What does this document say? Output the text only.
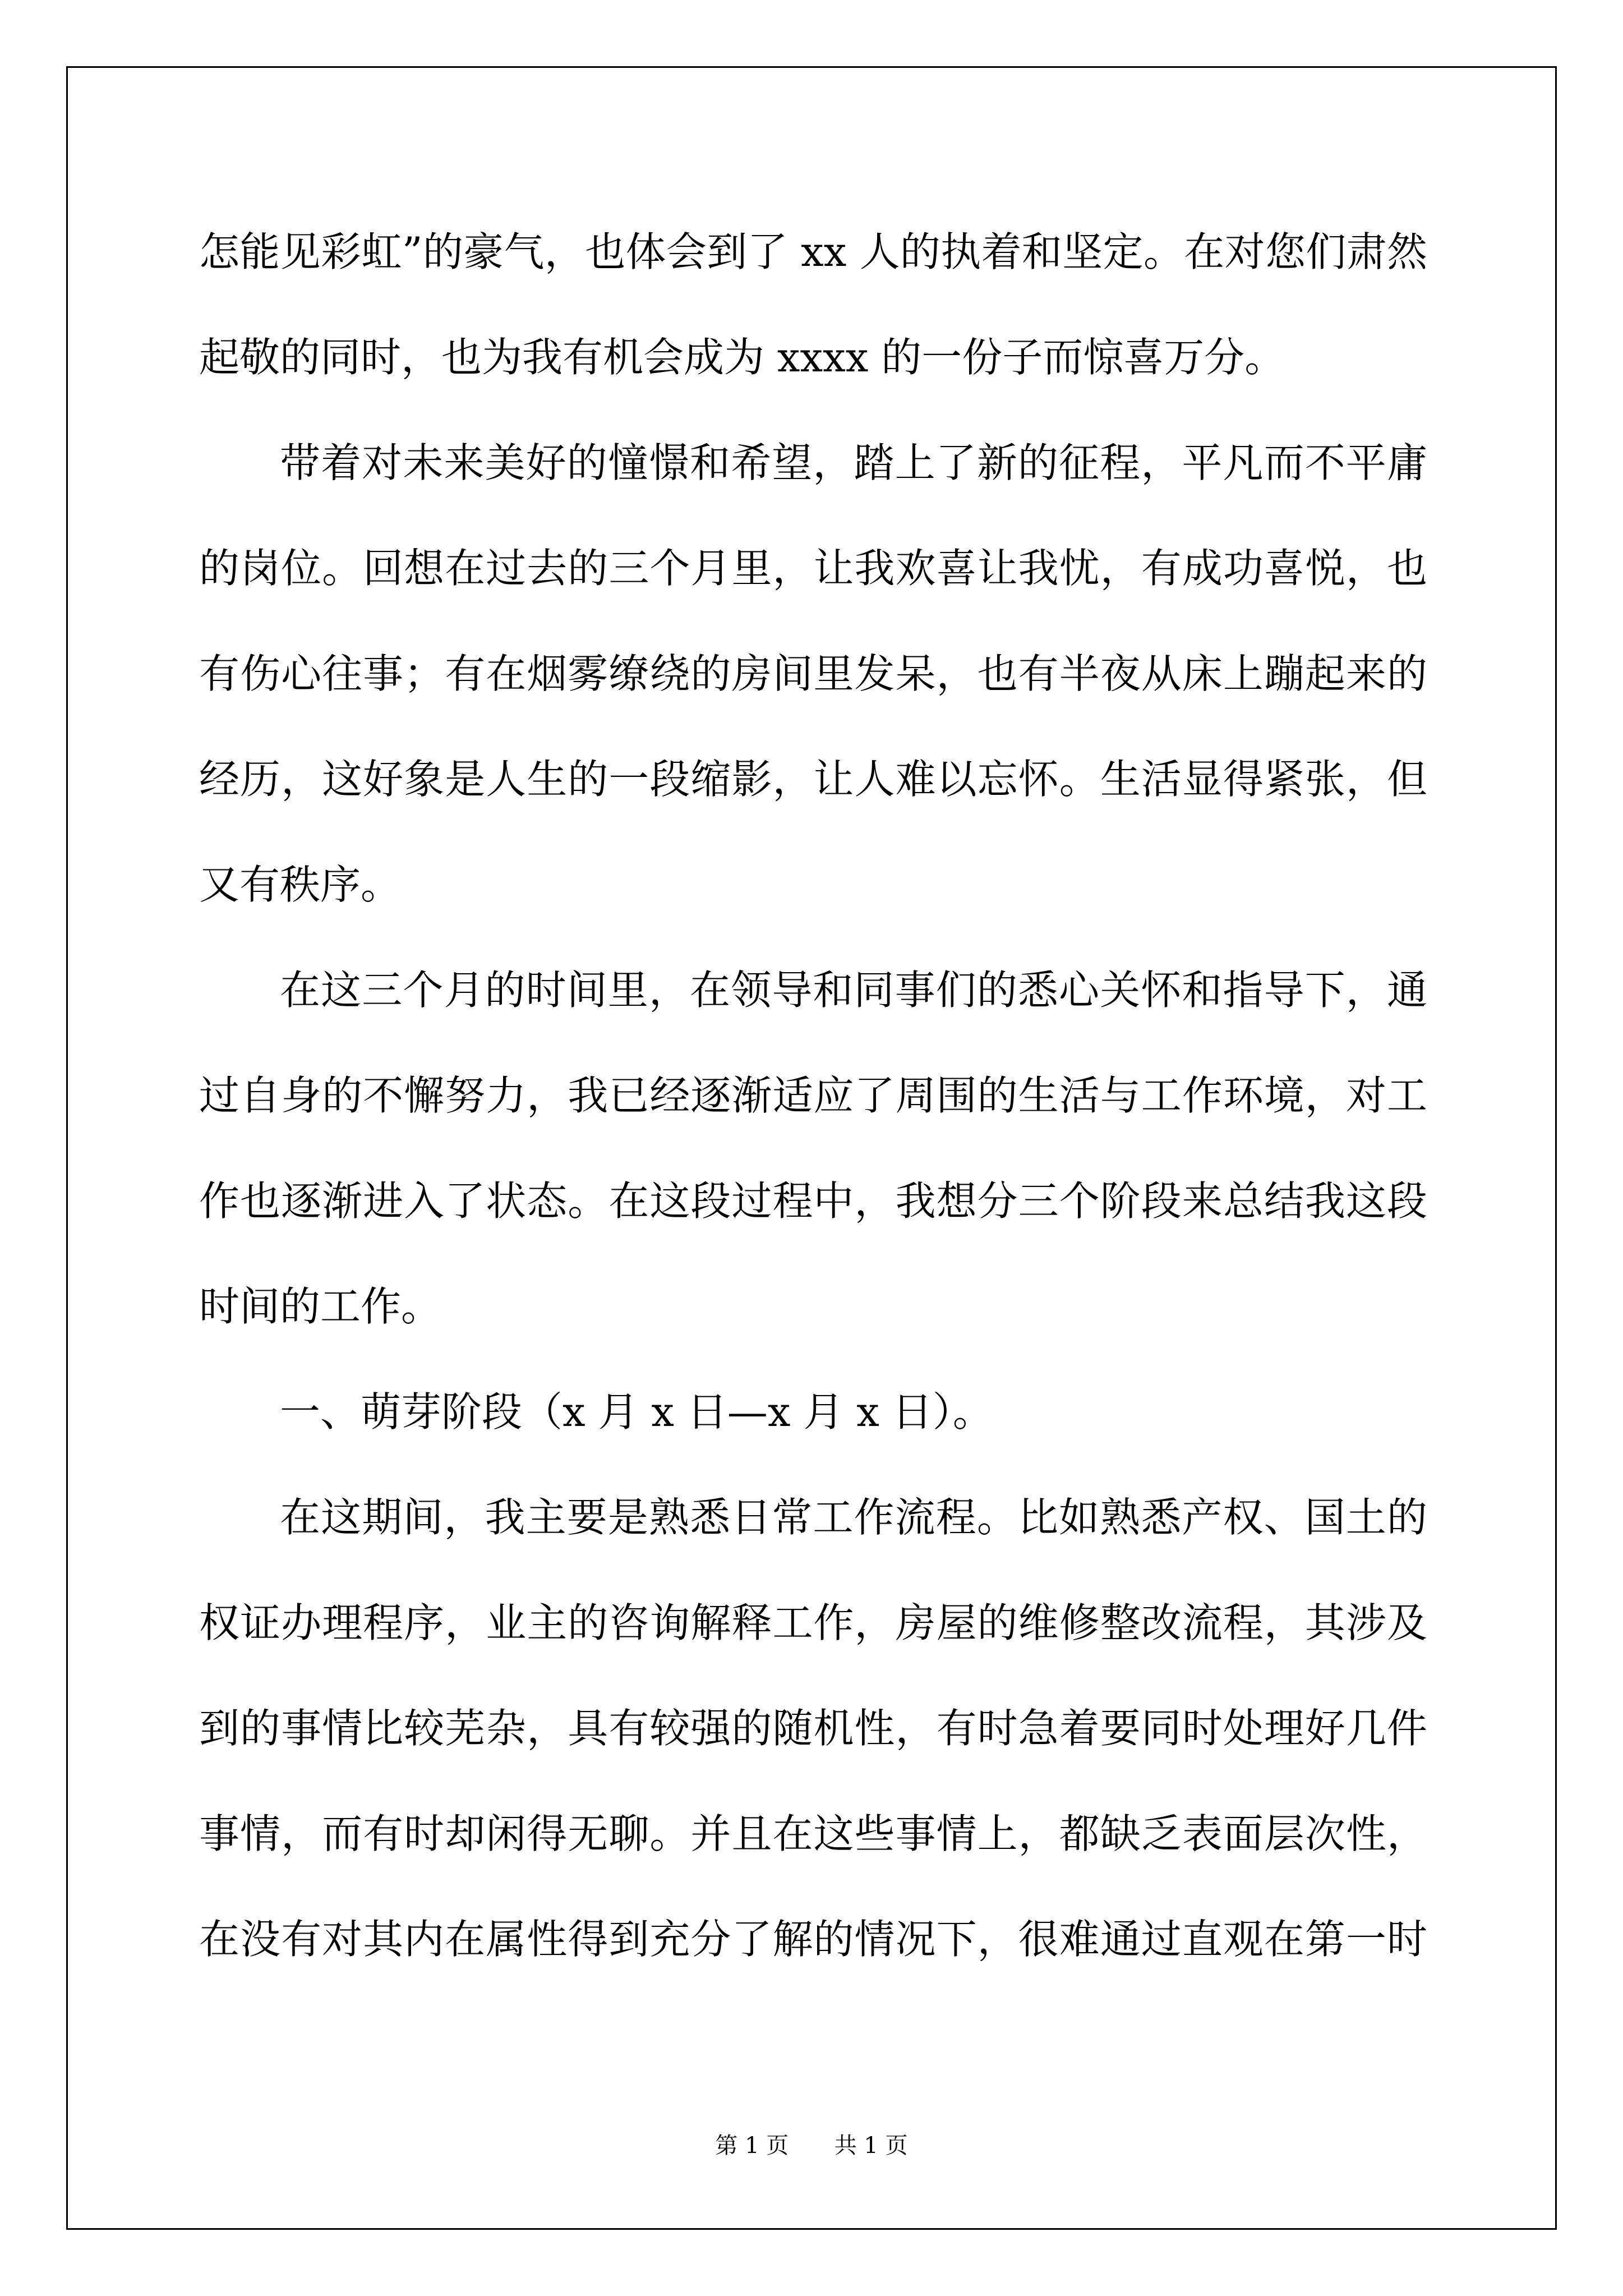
怎能见彩虹”的豪气，也体会到了 xx 人的执着和坚定。在对您们肃然
起敬的同时，也为我有机会成为 xxxx 的一份子而惊喜万分。
带着对未来美好的憧憬和希望，踏上了新的征程，平凡而不平庸
的岗位。回想在过去的三个月里，让我欢喜让我忧，有成功喜悦，也
有伤心往事；有在烟雾缭绕的房间里发呆，也有半夜从床上蹦起来的
经历，这好象是人生的一段缩影，让人难以忘怀。生活显得紧张，但
又有秩序。
在这三个月的时间里，在领导和同事们的悉心关怀和指导下，通
过自身的不懈努力，我已经逐渐适应了周围的生活与工作环境，对工
作也逐渐进入了状态。在这段过程中，我想分三个阶段来总结我这段
时间的工作。
一、萌芽阶段（x 月 x 日—x 月 x 日）。
在这期间，我主要是熟悉日常工作流程。比如熟悉产权、国土的
权证办理程序，业主的咨询解释工作，房屋的维修整改流程，其涉及
到的事情比较芜杂，具有较强的随机性，有时急着要同时处理好几件
事情，而有时却闲得无聊。并且在这些事情上，都缺乏表面层次性，
在没有对其内在属性得到充分了解的情况下，很难通过直观在第一时
第 1 页 共 1 页
